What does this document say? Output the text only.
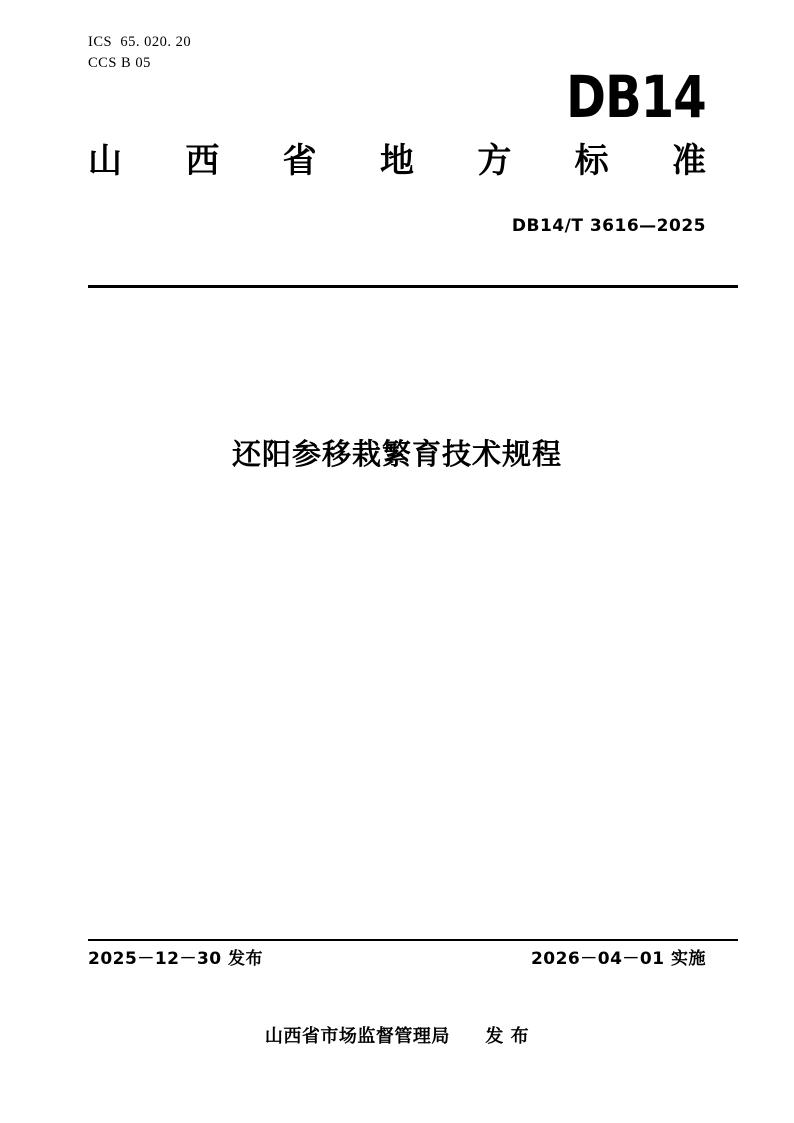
ICS  65. 020. 20
CCS B 05	DB14
山 西 省 地 方 标 准
DB14/T 3616—2025
还阳参移栽繁育技术规程
2025－12－30 发布	2026－04－01 实施
山西省市场监督管理局 发 布
